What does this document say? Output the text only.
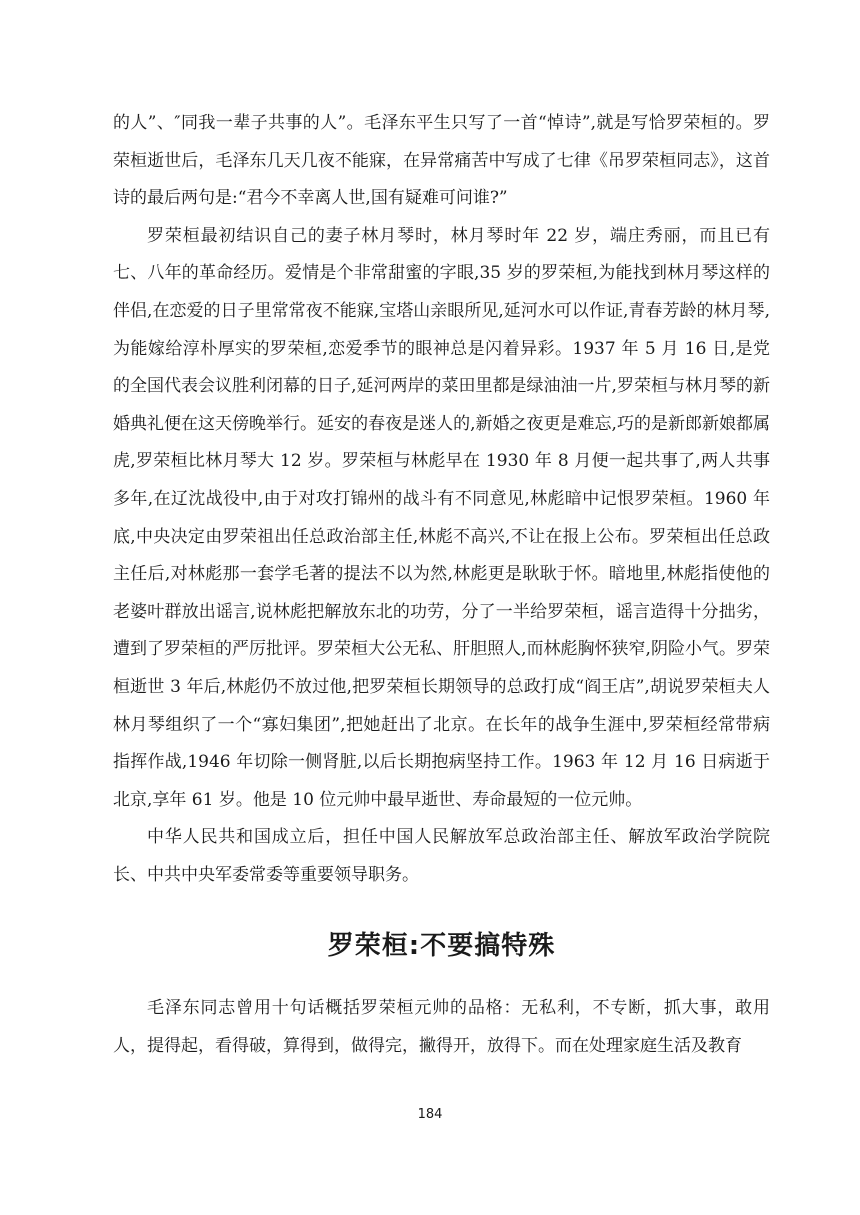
的人”、″同我一辈子共事的人”。毛泽东平生只写了一首“悼诗”,就是写恰罗荣桓的。罗荣桓逝世后，毛泽东几天几夜不能寐，在异常痛苦中写成了七律《吊罗荣桓同志》，这首诗的最后两句是:“君今不幸离人世,国有疑难可问谁?”

罗荣桓最初结识自己的妻子林月琴时，林月琴时年 22 岁，端庄秀丽，而且已有七、八年的革命经历。爱情是个非常甜蜜的字眼,35 岁的罗荣桓,为能找到林月琴这样的伴侣,在恋爱的日子里常常夜不能寐,宝塔山亲眼所见,延河水可以作证,青春芳龄的林月琴,为能嫁给淳朴厚实的罗荣桓,恋爱季节的眼神总是闪着异彩。1937 年 5 月 16 日,是党的全国代表会议胜利闭幕的日子,延河两岸的菜田里都是绿油油一片,罗荣桓与林月琴的新婚典礼便在这天傍晚举行。延安的春夜是迷人的,新婚之夜更是难忘,巧的是新郎新娘都属虎,罗荣桓比林月琴大 12 岁。罗荣桓与林彪早在 1930 年 8 月便一起共事了,两人共事多年,在辽沈战役中,由于对攻打锦州的战斗有不同意见,林彪暗中记恨罗荣桓。1960 年底,中央决定由罗荣祖出任总政治部主任,林彪不高兴,不让在报上公布。罗荣桓出任总政主任后,对林彪那一套学毛著的提法不以为然,林彪更是耿耿于怀。暗地里,林彪指使他的老婆叶群放出谣言,说林彪把解放东北的功劳，分了一半给罗荣桓，谣言造得十分拙劣，遭到了罗荣桓的严厉批评。罗荣桓大公无私、肝胆照人,而林彪胸怀狭窄,阴险小气。罗荣桓逝世 3 年后,林彪仍不放过他,把罗荣桓长期领导的总政打成“阎王店”,胡说罗荣桓夫人林月琴组织了一个“寡妇集团”,把她赶出了北京。在长年的战争生涯中,罗荣桓经常带病指挥作战,1946 年切除一侧肾脏,以后长期抱病坚持工作。1963 年 12 月 16 日病逝于北京,享年 61 岁。他是 10 位元帅中最早逝世、寿命最短的一位元帅。

中华人民共和国成立后，担任中国人民解放军总政治部主任、解放军政治学院院长、中共中央军委常委等重要领导职务。

罗荣桓:不要搞特殊

毛泽东同志曾用十句话概括罗荣桓元帅的品格：无私利，不专断，抓大事，敢用人，提得起，看得破，算得到，做得完，撇得开，放得下。而在处理家庭生活及教育

184
